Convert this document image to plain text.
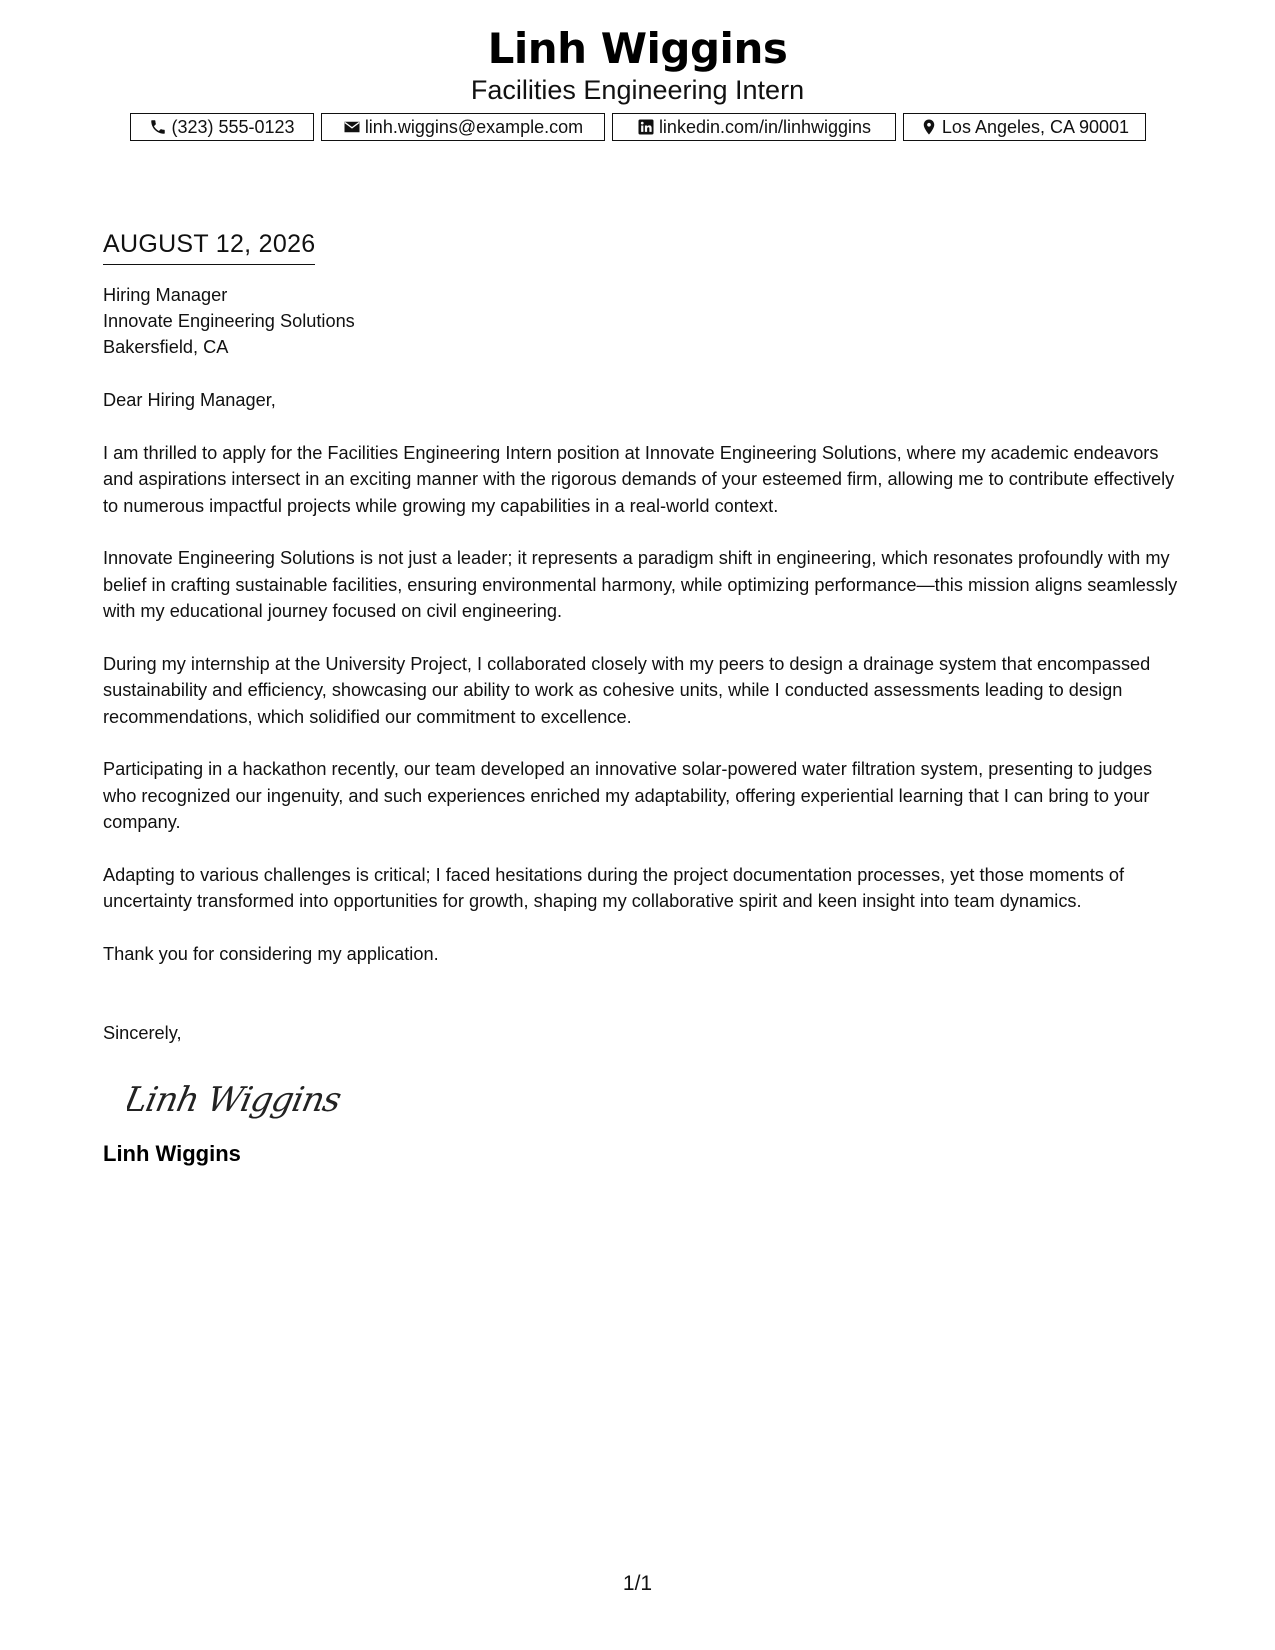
Linh Wiggins
Facilities Engineering Intern
(323) 555-0123	linh.wiggins@example.com	linkedin.com/in/linhwiggins	Los Angeles, CA 90001
AUGUST 12, 2026
Hiring Manager
Innovate Engineering Solutions
Bakersfield, CA
Dear Hiring Manager,

I am thrilled to apply for the Facilities Engineering Intern position at Innovate Engineering Solutions, where my academic endeavors and aspirations intersect in an exciting manner with the rigorous demands of your esteemed firm, allowing me to contribute effectively to numerous impactful projects while growing my capabilities in a real-world context.

Innovate Engineering Solutions is not just a leader; it represents a paradigm shift in engineering, which resonates profoundly with my belief in crafting sustainable facilities, ensuring environmental harmony, while optimizing performance—this mission aligns seamlessly with my educational journey focused on civil engineering.

During my internship at the University Project, I collaborated closely with my peers to design a drainage system that encompassed sustainability and efficiency, showcasing our ability to work as cohesive units, while I conducted assessments leading to design recommendations, which solidified our commitment to excellence.

Participating in a hackathon recently, our team developed an innovative solar-powered water filtration system, presenting to judges who recognized our ingenuity, and such experiences enriched my adaptability, offering experiential learning that I can bring to your company.

Adapting to various challenges is critical; I faced hesitations during the project documentation processes, yet those moments of uncertainty transformed into opportunities for growth, shaping my collaborative spirit and keen insight into team dynamics.

Thank you for considering my application.

Sincerely,
Linh Wiggins
Linh Wiggins
1/1
